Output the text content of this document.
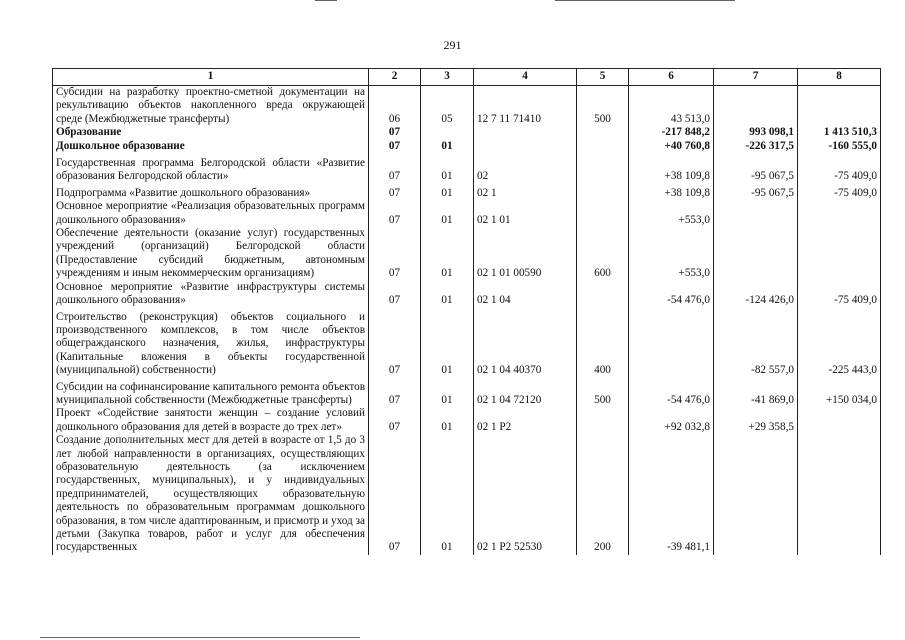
291
1	2	3	4	5	6	7	8
Субсидии на разработку проектно-сметной документации на рекультивацию объектов накопленного вреда окружающей среде (Межбюджетные трансферты)	06	05	12 7 11 71410	500	43 513,0		
Образование	07				-217 848,2	993 098,1	1 413 510,3
Дошкольное образование	07	01			+40 760,8	-226 317,5	-160 555,0
Государственная программа Белгородской области «Развитие образования Белгородской области»	07	01	02		+38 109,8	-95 067,5	-75 409,0
Подпрограмма «Развитие дошкольного образования»	07	01	02 1		+38 109,8	-95 067,5	-75 409,0
Основное мероприятие «Реализация образовательных программ дошкольного образования»	07	01	02 1 01		+553,0		
Обеспечение деятельности (оказание услуг) государственных учреждений (организаций) Белгородской области (Предоставление субсидий бюджетным, автономным учреждениям и иным некоммерческим организациям)	07	01	02 1 01 00590	600	+553,0		
Основное мероприятие «Развитие инфраструктуры системы дошкольного образования»	07	01	02 1 04		-54 476,0	-124 426,0	-75 409,0
Строительство (реконструкция) объектов социального и производственного комплексов, в том числе объектов общегражданского назначения, жилья, инфраструктуры (Капитальные вложения в объекты государственной (муниципальной) собственности)	07	01	02 1 04 40370	400		-82 557,0	-225 443,0
Субсидии на софинансирование капитального ремонта объектов муниципальной собственности (Межбюджетные трансферты)	07	01	02 1 04 72120	500	-54 476,0	-41 869,0	+150 034,0
Проект «Содействие занятости женщин – создание условий дошкольного образования для детей в возрасте до трех лет»	07	01	02 1 P2		+92 032,8	+29 358,5	
Создание дополнительных мест для детей в возрасте от 1,5 до 3 лет любой направленности в организациях, осуществляющих образовательную деятельность (за исключением государственных, муниципальных), и у индивидуальных предпринимателей, осуществляющих образовательную деятельность по образовательным программам дошкольного образования, в том числе адаптированным, и присмотр и уход за детьми (Закупка товаров, работ и услуг для обеспечения государственных	07	01	02 1 P2 52530	200	-39 481,1		
